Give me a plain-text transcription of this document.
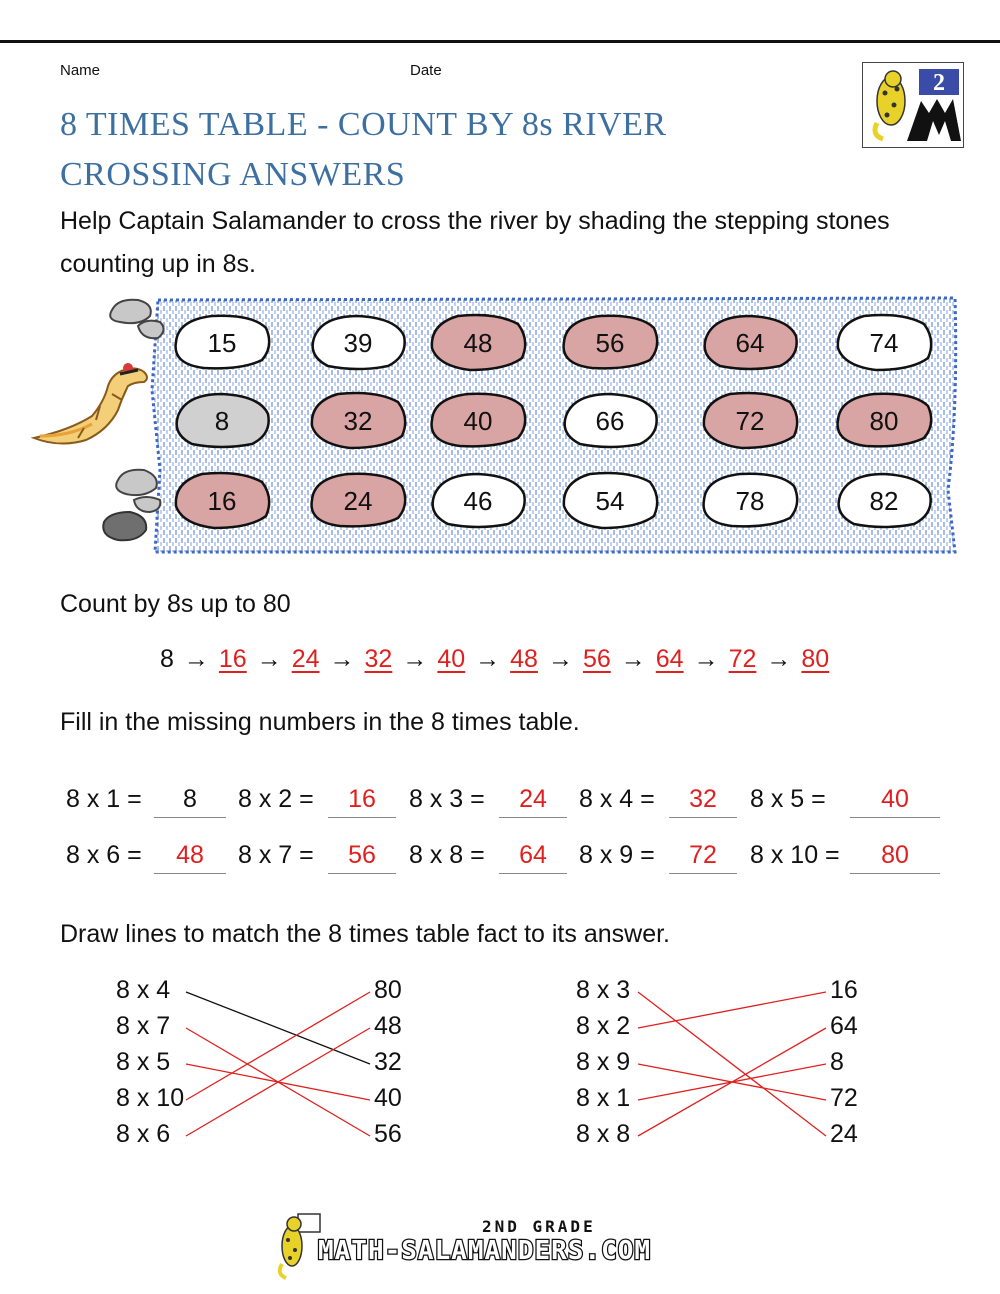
Name	Date
8 TIMES TABLE - COUNT BY 8s RIVER CROSSING ANSWERS
2
Help Captain Salamander to cross the river by shading the stepping stones counting up in 8s.
15	39	48	56	64	74
8	32	40	66	72	80
16	24	46	54	78	82
Count by 8s up to 80
8 → 16 → 24 → 32 → 40 → 48 → 56 → 64 → 72 → 80
Fill in the missing numbers in the 8 times table.
8 x 1 =	8	8 x 2 =	16	8 x 3 =	24	8 x 4 =	32	8 x 5 =	40
8 x 6 =	48	8 x 7 =	56	8 x 8 =	64	8 x 9 =	72	8 x 10 =	80
Draw lines to match the 8 times table fact to its answer.
8 x 4
8 x 7
8 x 5
8 x 10
8 x 6
80
48
32
40
56
8 x 3
8 x 2
8 x 9
8 x 1
8 x 8
16
64
8
72
24
2ND GRADE
MATH-SALAMANDERS.COM
